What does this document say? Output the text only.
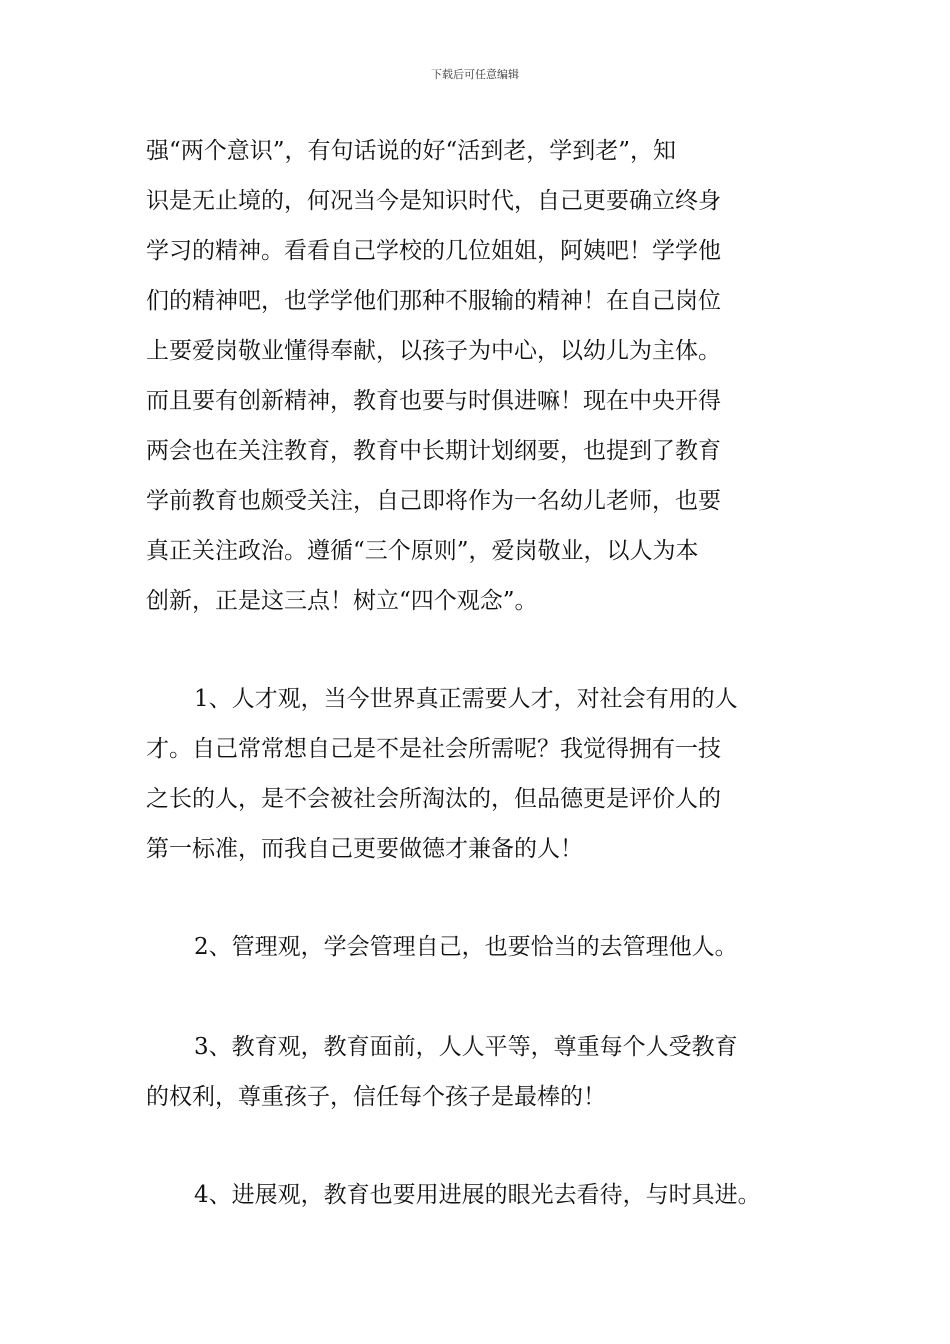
下载后可任意编辑
强“两个意识”，有句话说的好“活到老，学到老”，知
识是无止境的，何况当今是知识时代，自己更要确立终身
学习的精神。看看自己学校的几位姐姐，阿姨吧！学学他
们的精神吧，也学学他们那种不服输的精神！在自己岗位
上要爱岗敬业懂得奉献，以孩子为中心，以幼儿为主体。
而且要有创新精神，教育也要与时俱进嘛！现在中央开得
两会也在关注教育，教育中长期计划纲要，也提到了教育
学前教育也颇受关注，自己即将作为一名幼儿老师，也要
真正关注政治。遵循“三个原则”，爱岗敬业，以人为本
创新，正是这三点！树立“四个观念”。
1、人才观，当今世界真正需要人才，对社会有用的人
才。自己常常想自己是不是社会所需呢？我觉得拥有一技
之长的人，是不会被社会所淘汰的，但品德更是评价人的
第一标准，而我自己更要做德才兼备的人！
2、管理观，学会管理自己，也要恰当的去管理他人。
3、教育观，教育面前，人人平等，尊重每个人受教育
的权利，尊重孩子，信任每个孩子是最棒的！
4、进展观，教育也要用进展的眼光去看待，与时具进。
